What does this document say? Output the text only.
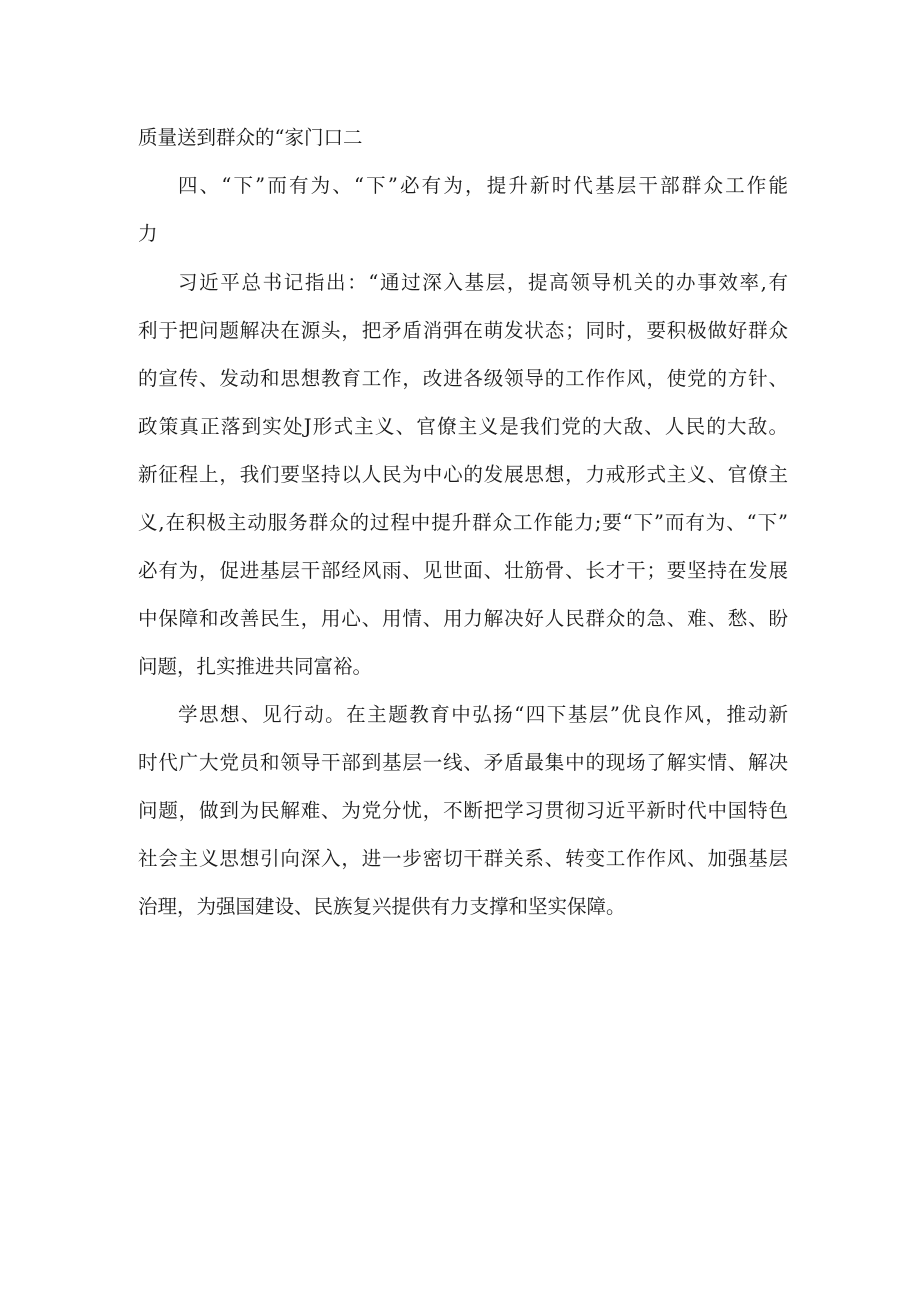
质量送到群众的“家门口二

四、“下”而有为、“下”必有为，提升新时代基层干部群众工作能

力

习近平总书记指出：“通过深入基层，提高领导机关的办事效率,有

利于把问题解决在源头，把矛盾消弭在萌发状态；同时，要积极做好群众

的宣传、发动和思想教育工作，改进各级领导的工作作风，使党的方针、

政策真正落到实处J形式主义、官僚主义是我们党的大敌、人民的大敌。

新征程上，我们要坚持以人民为中心的发展思想，力戒形式主义、官僚主

义,在积极主动服务群众的过程中提升群众工作能力;要“下”而有为、“下”

必有为，促进基层干部经风雨、见世面、壮筋骨、长才干；要坚持在发展

中保障和改善民生，用心、用情、用力解决好人民群众的急、难、愁、盼

问题，扎实推进共同富裕。

学思想、见行动。在主题教育中弘扬“四下基层”优良作风，推动新

时代广大党员和领导干部到基层一线、矛盾最集中的现场了解实情、解决

问题，做到为民解难、为党分忧，不断把学习贯彻习近平新时代中国特色

社会主义思想引向深入，进一步密切干群关系、转变工作作风、加强基层

治理，为强国建设、民族复兴提供有力支撑和坚实保障。
